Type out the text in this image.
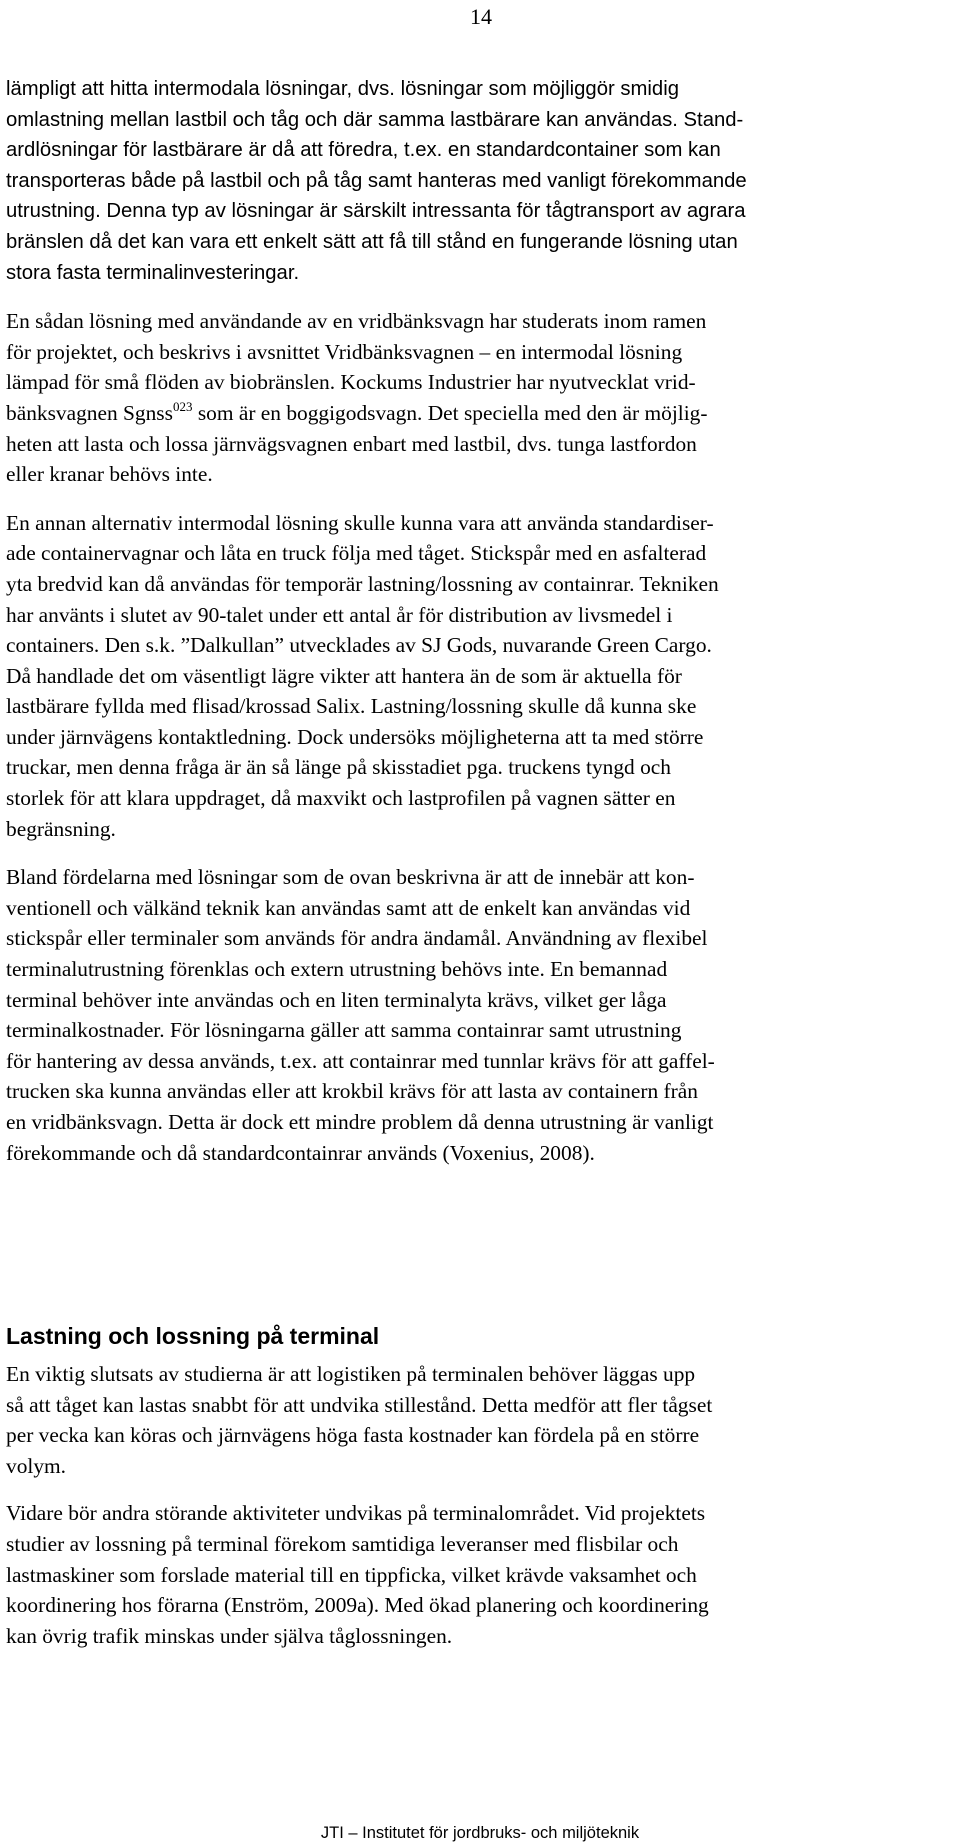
14

lämpligt att hitta intermodala lösningar, dvs. lösningar som möjliggör smidig
omlastning mellan lastbil och tåg och där samma lastbärare kan användas. Stand-
ardlösningar för lastbärare är då att föredra, t.ex. en standardcontainer som kan
transporteras både på lastbil och på tåg samt hanteras med vanligt förekommande
utrustning. Denna typ av lösningar är särskilt intressanta för tågtransport av agrara
bränslen då det kan vara ett enkelt sätt att få till stånd en fungerande lösning utan
stora fasta terminalinvesteringar.

En sådan lösning med användande av en vridbänksvagn har studerats inom ramen
för projektet, och beskrivs i avsnittet Vridbänksvagnen – en intermodal lösning
lämpad för små flöden av biobränslen. Kockums Industrier har nyutvecklat vrid-
bänksvagnen Sgnss$^{023}$ som är en boggigodsvagn. Det speciella med den är möjlig-
heten att lasta och lossa järnvägsvagnen enbart med lastbil, dvs. tunga lastfordon
eller kranar behövs inte.

En annan alternativ intermodal lösning skulle kunna vara att använda standardiser-
ade containervagnar och låta en truck följa med tåget. Stickspår med en asfalterad
yta bredvid kan då användas för temporär lastning/lossning av containrar. Tekniken
har använts i slutet av 90-talet under ett antal år för distribution av livsmedel i
containers. Den s.k. ”Dalkullan” utvecklades av SJ Gods, nuvarande Green Cargo.
Då handlade det om väsentligt lägre vikter att hantera än de som är aktuella för
lastbärare fyllda med flisad/krossad Salix. Lastning/lossning skulle då kunna ske
under järnvägens kontaktledning. Dock undersöks möjligheterna att ta med större
truckar, men denna fråga är än så länge på skisstadiet pga. truckens tyngd och
storlek för att klara uppdraget, då maxvikt och lastprofilen på vagnen sätter en
begränsning.

Bland fördelarna med lösningar som de ovan beskrivna är att de innebär att kon-
ventionell och välkänd teknik kan användas samt att de enkelt kan användas vid
stickspår eller terminaler som används för andra ändamål. Användning av flexibel
terminalutrustning förenklas och extern utrustning behövs inte. En bemannad
terminal behöver inte användas och en liten terminalyta krävs, vilket ger låga
terminalkostnader. För lösningarna gäller att samma containrar samt utrustning
för hantering av dessa används, t.ex. att containrar med tunnlar krävs för att gaffel-
trucken ska kunna användas eller att krokbil krävs för att lasta av containern från
en vridbänksvagn. Detta är dock ett mindre problem då denna utrustning är vanligt
förekommande och då standardcontainrar används (Voxenius, 2008).

Lastning och lossning på terminal

En viktig slutsats av studierna är att logistiken på terminalen behöver läggas upp
så att tåget kan lastas snabbt för att undvika stillestånd. Detta medför att fler tågset
per vecka kan köras och järnvägens höga fasta kostnader kan fördela på en större
volym.

Vidare bör andra störande aktiviteter undvikas på terminalområdet. Vid projektets
studier av lossning på terminal förekom samtidiga leveranser med flisbilar och
lastmaskiner som forslade material till en tippficka, vilket krävde vaksamhet och
koordinering hos förarna (Enström, 2009a). Med ökad planering och koordinering
kan övrig trafik minskas under själva tåglossningen.

JTI – Institutet för jordbruks- och miljöteknik
